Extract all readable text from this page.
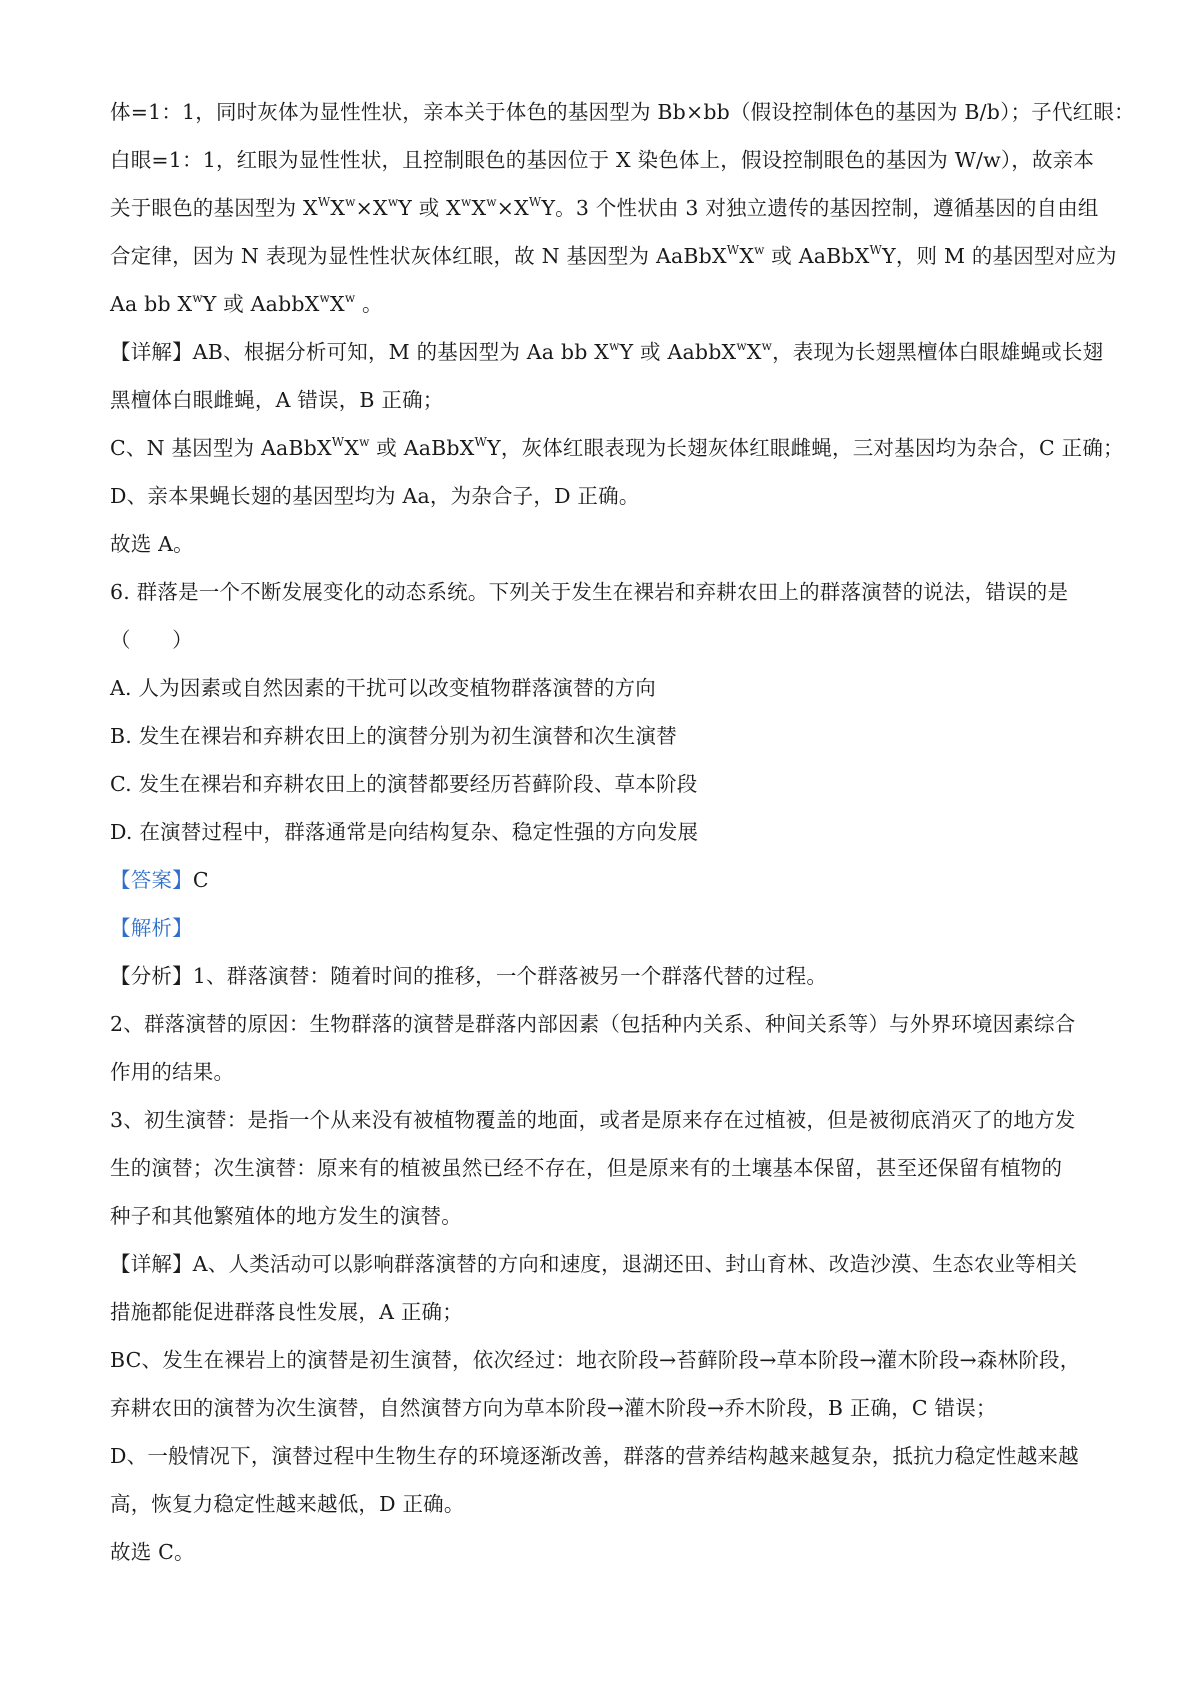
体=1：1，同时灰体为显性性状，亲本关于体色的基因型为 Bb×bb（假设控制体色的基因为 B/b）；子代红眼：
白眼=1：1，红眼为显性性状，且控制眼色的基因位于 X 染色体上，假设控制眼色的基因为 W/w），故亲本
关于眼色的基因型为 $X^WX^w\times X^wY$ 或 $X^wX^w\times X^WY$。3 个性状由 3 对独立遗传的基因控制，遵循基因的自由组
合定律，因为 N 表现为显性性状灰体红眼，故 N 基因型为 $AaBbX^WX^w$ 或 AaBbX$^W$Y，则 M 的基因型对应为
Aa bb $X^wY$ 或 $AabbX^wX^w$ 。
【详解】AB、根据分析可知，M 的基因型为 Aa bb $X^wY$ 或 $AabbX^wX^w$，表现为长翅黑檀体白眼雄蝇或长翅
黑檀体白眼雌蝇，A 错误，B 正确；
C、N 基因型为 $AaBbX^WX^w$ 或 AaBbX$^W$Y，灰体红眼表现为长翅灰体红眼雌蝇，三对基因均为杂合，C 正确；
D、亲本果蝇长翅的基因型均为 Aa，为杂合子，D 正确。
故选 A。
6. 群落是一个不断发展变化的动态系统。下列关于发生在裸岩和弃耕农田上的群落演替的说法，错误的是
（　　）
A. 人为因素或自然因素的干扰可以改变植物群落演替的方向
B. 发生在裸岩和弃耕农田上的演替分别为初生演替和次生演替
C. 发生在裸岩和弃耕农田上的演替都要经历苔藓阶段、草本阶段
D. 在演替过程中，群落通常是向结构复杂、稳定性强的方向发展
【答案】C
【解析】
【分析】1、群落演替：随着时间的推移，一个群落被另一个群落代替的过程。
2、群落演替的原因：生物群落的演替是群落内部因素（包括种内关系、种间关系等）与外界环境因素综合
作用的结果。
3、初生演替：是指一个从来没有被植物覆盖的地面，或者是原来存在过植被，但是被彻底消灭了的地方发
生的演替；次生演替：原来有的植被虽然已经不存在，但是原来有的土壤基本保留，甚至还保留有植物的
种子和其他繁殖体的地方发生的演替。
【详解】A、人类活动可以影响群落演替的方向和速度，退湖还田、封山育林、改造沙漠、生态农业等相关
措施都能促进群落良性发展，A 正确；
BC、发生在裸岩上的演替是初生演替，依次经过：地衣阶段→苔藓阶段→草本阶段→灌木阶段→森林阶段，
弃耕农田的演替为次生演替，自然演替方向为草本阶段→灌木阶段→乔木阶段，B 正确，C 错误；
D、一般情况下，演替过程中生物生存的环境逐渐改善，群落的营养结构越来越复杂，抵抗力稳定性越来越
高，恢复力稳定性越来越低，D 正确。
故选 C。
